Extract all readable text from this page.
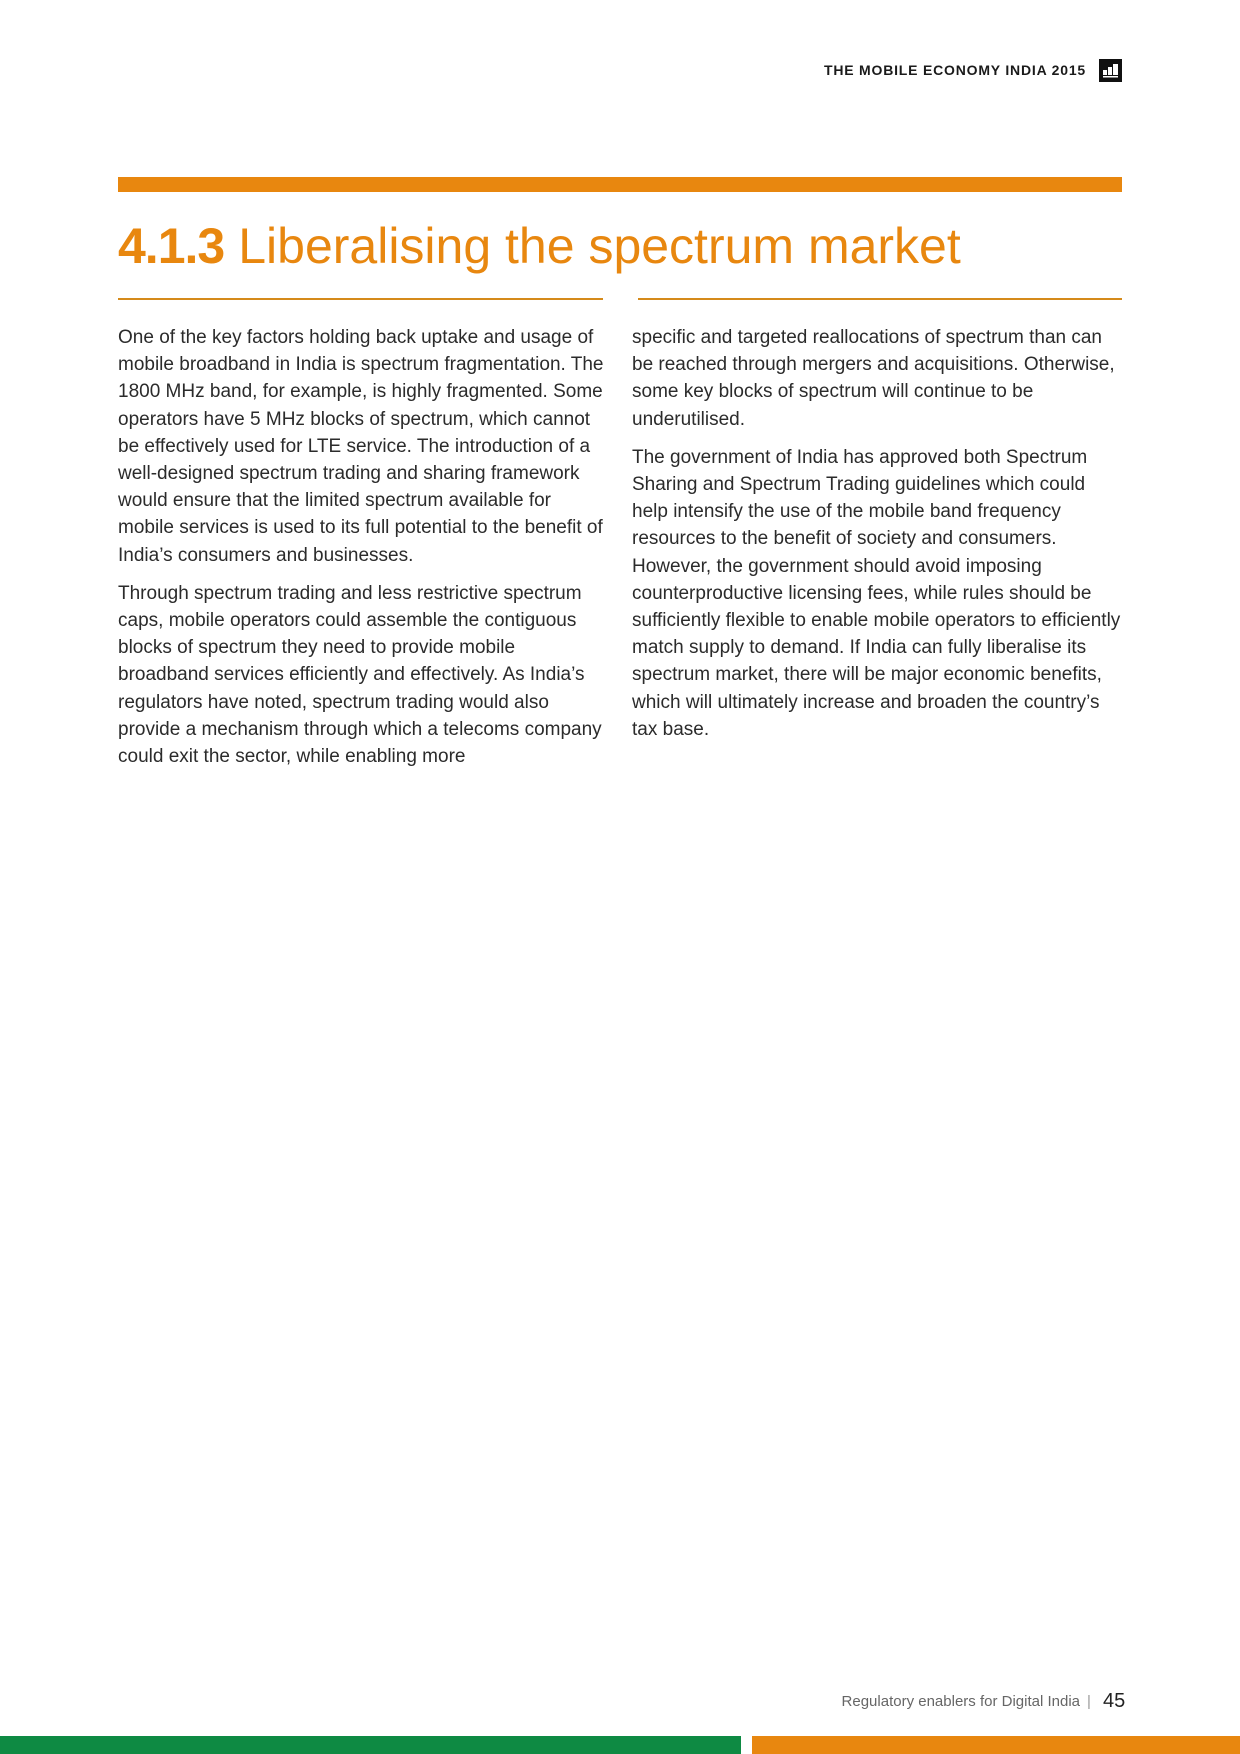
THE MOBILE ECONOMY INDIA 2015
4.1.3 Liberalising the spectrum market

One of the key factors holding back uptake and usage of mobile broadband in India is spectrum fragmentation. The 1800 MHz band, for example, is highly fragmented. Some operators have 5 MHz blocks of spectrum, which cannot be effectively used for LTE service. The introduction of a well-designed spectrum trading and sharing framework would ensure that the limited spectrum available for mobile services is used to its full potential to the benefit of India’s consumers and businesses.

Through spectrum trading and less restrictive spectrum caps, mobile operators could assemble the contiguous blocks of spectrum they need to provide mobile broadband services efficiently and effectively. As India’s regulators have noted, spectrum trading would also provide a mechanism through which a telecoms company could exit the sector, while enabling more

specific and targeted reallocations of spectrum than can be reached through mergers and acquisitions. Otherwise, some key blocks of spectrum will continue to be underutilised.

The government of India has approved both Spectrum Sharing and Spectrum Trading guidelines which could help intensify the use of the mobile band frequency resources to the benefit of society and consumers. However, the government should avoid imposing counterproductive licensing fees, while rules should be sufficiently flexible to enable mobile operators to efficiently match supply to demand. If India can fully liberalise its spectrum market, there will be major economic benefits, which will ultimately increase and broaden the country’s tax base.

Regulatory enablers for Digital India | 45
